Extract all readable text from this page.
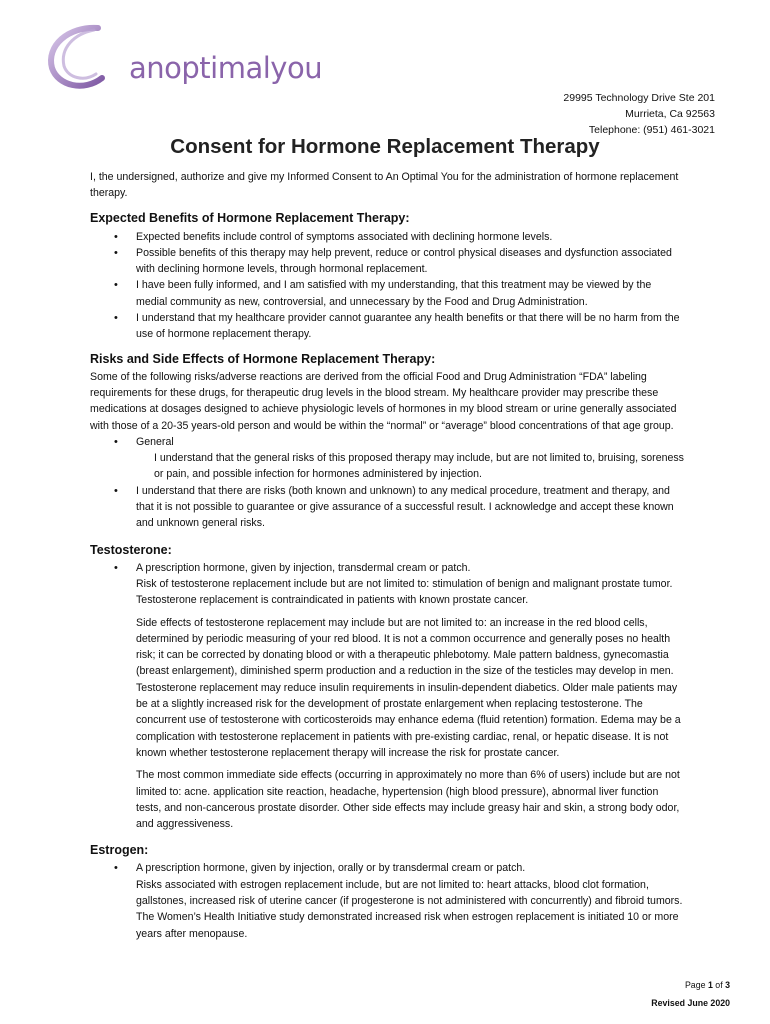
anoptimalyou
29995 Technology Drive Ste 201
Murrieta, Ca 92563
Telephone: (951) 461-3021
Consent for Hormone Replacement Therapy

I, the undersigned, authorize and give my Informed Consent to An Optimal You for the administration of hormone replacement therapy.

Expected Benefits of Hormone Replacement Therapy:
• Expected benefits include control of symptoms associated with declining hormone levels.
• Possible benefits of this therapy may help prevent, reduce or control physical diseases and dysfunction associated with declining hormone levels, through hormonal replacement.
• I have been fully informed, and I am satisfied with my understanding, that this treatment may be viewed by the medial community as new, controversial, and unnecessary by the Food and Drug Administration.
• I understand that my healthcare provider cannot guarantee any health benefits or that there will be no harm from the use of hormone replacement therapy.
Risks and Side Effects of Hormone Replacement Therapy:

Some of the following risks/adverse reactions are derived from the official Food and Drug Administration “FDA” labeling requirements for these drugs, for therapeutic drug levels in the blood stream. My healthcare provider may prescribe these medications at dosages designed to achieve physiologic levels of hormones in my blood stream or urine generally associated with those of a 20-35 years-old person and would be within the “normal” or “average” blood concentrations of that age group.

• General
I understand that the general risks of this proposed therapy may include, but are not limited to, bruising, soreness or pain, and possible infection for hormones administered by injection.
• I understand that there are risks (both known and unknown) to any medical procedure, treatment and therapy, and that it is not possible to guarantee or give assurance of a successful result. I acknowledge and accept these known and unknown general risks.
Testosterone:
• A prescription hormone, given by injection, transdermal cream or patch.
Risk of testosterone replacement include but are not limited to: stimulation of benign and malignant prostate tumor. Testosterone replacement is contraindicated in patients with known prostate cancer.

Side effects of testosterone replacement may include but are not limited to: an increase in the red blood cells, determined by periodic measuring of your red blood. It is not a common occurrence and generally poses no health risk; it can be corrected by donating blood or with a therapeutic phlebotomy. Male pattern baldness, gynecomastia (breast enlargement), diminished sperm production and a reduction in the size of the testicles may develop in men. Testosterone replacement may reduce insulin requirements in insulin-dependent diabetics. Older male patients may be at a slightly increased risk for the development of prostate enlargement when replacing testosterone. The concurrent use of testosterone with corticosteroids may enhance edema (fluid retention) formation. Edema may be a complication with testosterone replacement in patients with pre-existing cardiac, renal, or hepatic disease. It is not known whether testosterone replacement therapy will increase the risk for prostate cancer.

The most common immediate side effects (occurring in approximately no more than 6% of users) include but are not limited to: acne. application site reaction, headache, hypertension (high blood pressure), abnormal liver function tests, and non-cancerous prostate disorder. Other side effects may include greasy hair and skin, a strong body odor, and aggressiveness.

Estrogen:
• A prescription hormone, given by injection, orally or by transdermal cream or patch.
Risks associated with estrogen replacement include, but are not limited to: heart attacks, blood clot formation, gallstones, increased risk of uterine cancer (if progesterone is not administered with concurrently) and fibroid tumors. The Women’s Health Initiative study demonstrated increased risk when estrogen replacement is initiated 10 or more years after menopause.
Page 1 of 3
Revised June 2020
